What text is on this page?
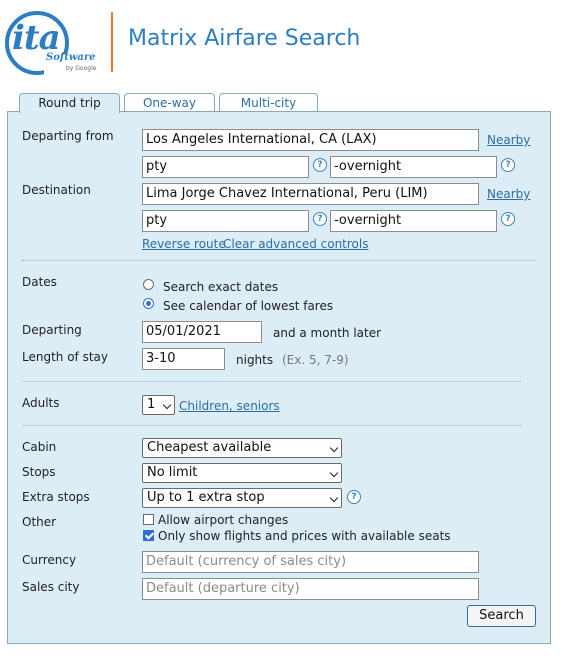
ita
Software
by Google
Matrix Airfare Search
Round trip	One-way	Multi-city
Departing from	Los Angeles International, CA (LAX)	Nearby
pty	? -overnight	?
Destination	Lima Jorge Chavez International, Peru (LIM)	Nearby
pty	? -overnight	?
Reverse route
Clear advanced controls
Dates	Search exact dates
See calendar of lowest fares
Departing	05/01/2021	and a month later
Length of stay	3-10	nights (Ex. 5, 7-9)
Adults	1	Children, seniors
Cabin	Cheapest available
Stops	No limit
Extra stops	Up to 1 extra stop	?
Other	Allow airport changes
Only show flights and prices with available seats
Currency	Default (currency of sales city)
Sales city	Default (departure city)
Search
